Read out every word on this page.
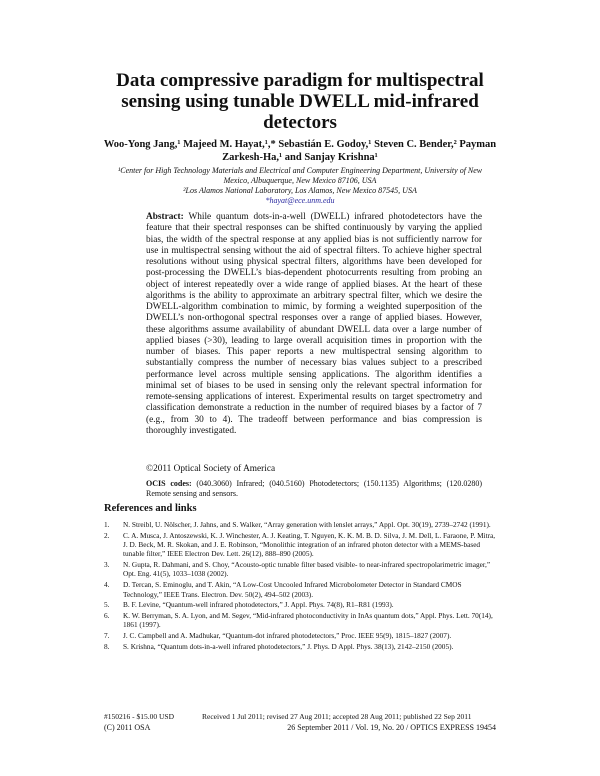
Data compressive paradigm for multispectral sensing using tunable DWELL mid-infrared detectors
Woo-Yong Jang,¹ Majeed M. Hayat,¹,* Sebastián E. Godoy,¹ Steven C. Bender,² Payman Zarkesh-Ha,¹ and Sanjay Krishna¹
¹Center for High Technology Materials and Electrical and Computer Engineering Department, University of New Mexico, Albuquerque, New Mexico 87106, USA
²Los Alamos National Laboratory, Los Alamos, New Mexico 87545, USA
*hayat@ece.unm.edu
Abstract: While quantum dots-in-a-well (DWELL) infrared photodetectors have the feature that their spectral responses can be shifted continuously by varying the applied bias, the width of the spectral response at any applied bias is not sufficiently narrow for use in multispectral sensing without the aid of spectral filters. To achieve higher spectral resolutions without using physical spectral filters, algorithms have been developed for post-processing the DWELL’s bias-dependent photocurrents resulting from probing an object of interest repeatedly over a wide range of applied biases. At the heart of these algorithms is the ability to approximate an arbitrary spectral filter, which we desire the DWELL-algorithm combination to mimic, by forming a weighted superposition of the DWELL’s non-orthogonal spectral responses over a range of applied biases. However, these algorithms assume availability of abundant DWELL data over a large number of applied biases (>30), leading to large overall acquisition times in proportion with the number of biases. This paper reports a new multispectral sensing algorithm to substantially compress the number of necessary bias values subject to a prescribed performance level across multiple sensing applications. The algorithm identifies a minimal set of biases to be used in sensing only the relevant spectral information for remote-sensing applications of interest. Experimental results on target spectrometry and classification demonstrate a reduction in the number of required biases by a factor of 7 (e.g., from 30 to 4). The tradeoff between performance and bias compression is thoroughly investigated.
©2011 Optical Society of America
OCIS codes: (040.3060) Infrared; (040.5160) Photodetectors; (150.1135) Algorithms; (120.0280) Remote sensing and sensors.
References and links
1. N. Streibl, U. Nölscher, J. Jahns, and S. Walker, “Array generation with lenslet arrays,” Appl. Opt. 30(19), 2739–2742 (1991).
2. C. A. Musca, J. Antoszewski, K. J. Winchester, A. J. Keating, T. Nguyen, K. K. M. B. D. Silva, J. M. Dell, L. Faraone, P. Mitra, J. D. Beck, M. R. Skokan, and J. E. Robinson, “Monolithic integration of an infrared photon detector with a MEMS-based tunable filter,” IEEE Electron Dev. Lett. 26(12), 888–890 (2005).
3. N. Gupta, R. Dahmani, and S. Choy, “Acousto-optic tunable filter based visible- to near-infrared spectropolarimetric imager,” Opt. Eng. 41(5), 1033–1038 (2002).
4. D. Tercan, S. Eminoglu, and T. Akin, “A Low-Cost Uncooled Infrared Microbolometer Detector in Standard CMOS Technology,” IEEE Trans. Electron. Dev. 50(2), 494–502 (2003).
5. B. F. Levine, “Quantum-well infrared photodetectors,” J. Appl. Phys. 74(8), R1–R81 (1993).
6. K. W. Berryman, S. A. Lyon, and M. Segev, “Mid-infrared photoconductivity in InAs quantum dots,” Appl. Phys. Lett. 70(14), 1861 (1997).
7. J. C. Campbell and A. Madhukar, “Quantum-dot infrared photodetectors,” Proc. IEEE 95(9), 1815–1827 (2007).
8. S. Krishna, “Quantum dots-in-a-well infrared photodetectors,” J. Phys. D Appl. Phys. 38(13), 2142–2150 (2005).
#150216 - $15.00 USD	Received 1 Jul 2011; revised 27 Aug 2011; accepted 28 Aug 2011; published 22 Sep 2011
(C) 2011 OSA	26 September 2011 / Vol. 19, No. 20 / OPTICS EXPRESS 19454
